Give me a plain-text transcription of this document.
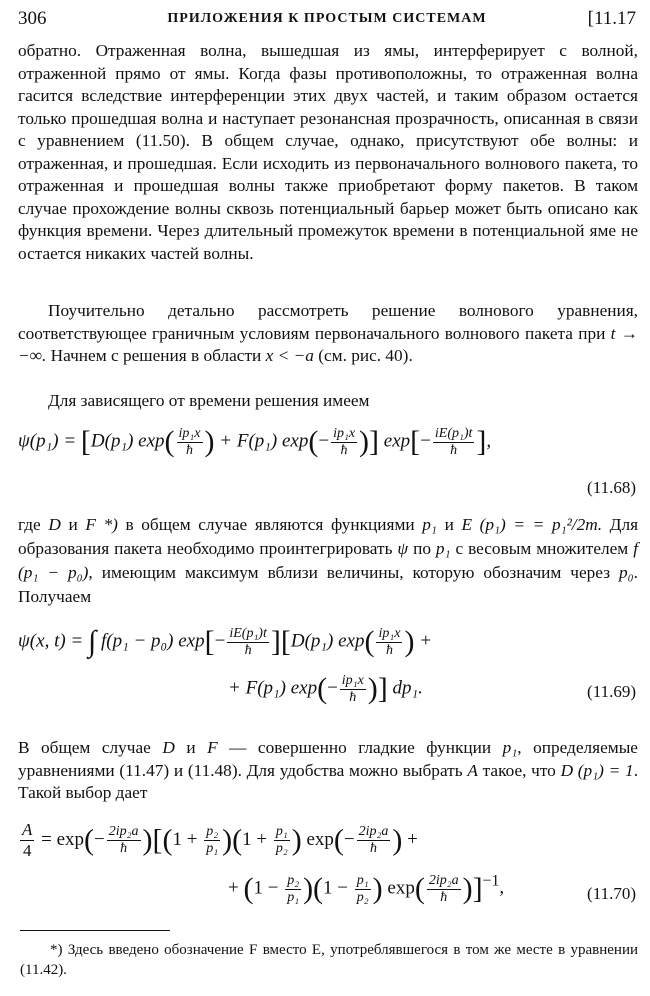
306	ПРИЛОЖЕНИЯ К ПРОСТЫМ СИСТЕМАМ	[11.17

обратно. Отраженная волна, вышедшая из ямы, интерферирует с волной, отраженной прямо от ямы. Когда фазы противоположны, то отраженная волна гасится вследствие интерференции этих двух частей, и таким образом остается только прошедшая волна и наступает резонансная прозрачность, описанная в связи с уравнением (11.50). В общем случае, однако, присутствуют обе волны: и отраженная, и прошедшая. Если исходить из первоначального волнового пакета, то отраженная и прошедшая волны также приобретают форму пакетов. В таком случае прохождение волны сквозь потенциальный барьер может быть описано как функция времени. Через длительный промежуток времени в потенциальной яме не остается никаких частей волны.

Поучительно детально рассмотреть решение волнового уравнения, соответствующее граничным условиям первоначального волнового пакета при t → −∞. Начнем с решения в области x < −a (см. рис. 40).

Для зависящего от времени решения имеем

ψ(p₁) = [D(p₁) $\exp( \frac{\text{ip₁x}}{ħ}$ ) + F(p₁) $\exp(- \frac{\text{ip₁x}}{ħ}$ )] $\exp[- \frac{\text{iE(p₁)t}}{ħ}$ ],
(11.68)

где D и F *) в общем случае являются функциями p₁ и E (p₁) = = p₁²/2m. Для образования пакета необходимо проинтегрировать ψ по p₁ с весовым множителем f (p₁ − p₀), имеющим максимум вблизи величины, которую обозначим через p₀. Получаем

ψ(x, t) = ∫ f(p₁ − p₀) $\exp[- \frac{\text{iE(p₁)t}}{ħ} ][D(p_1)$ $\exp( \frac{\text{ip₁x}}{ħ}$ ) +
+ F(p₁) $\exp(- \frac{\text{ip₁x}}{ħ}$ )] dp₁.	(11.69)

В общем случае D и F — совершенно гладкие функции p₁, определяемые уравнениями (11.47) и (11.48). Для удобства можно выбрать A такое, что D (p₁) = 1. Такой выбор дает

$\frac{A}{4} = \exp(- \frac{\text{2ip₂a}}{ħ} )[(1 + \frac{\text{p₂}}{\text{p₁}} )(1 + \frac{\text{p₁}}{\text{p₂}}$ ) $\exp(- \frac{\text{2ip₂a}}{ħ}$ ) +
+ $(1 - \frac{\text{p₂}}{\text{p₁}} )(1 - \frac{\text{p₁}}{\text{p₂}}$ ) $\exp( \frac{\text{2ip₂a}}{ħ} )]^{-1}$,	(11.70)

*) Здесь введено обозначение F вместо E, употреблявшегося в том же месте в уравнении (11.42).
